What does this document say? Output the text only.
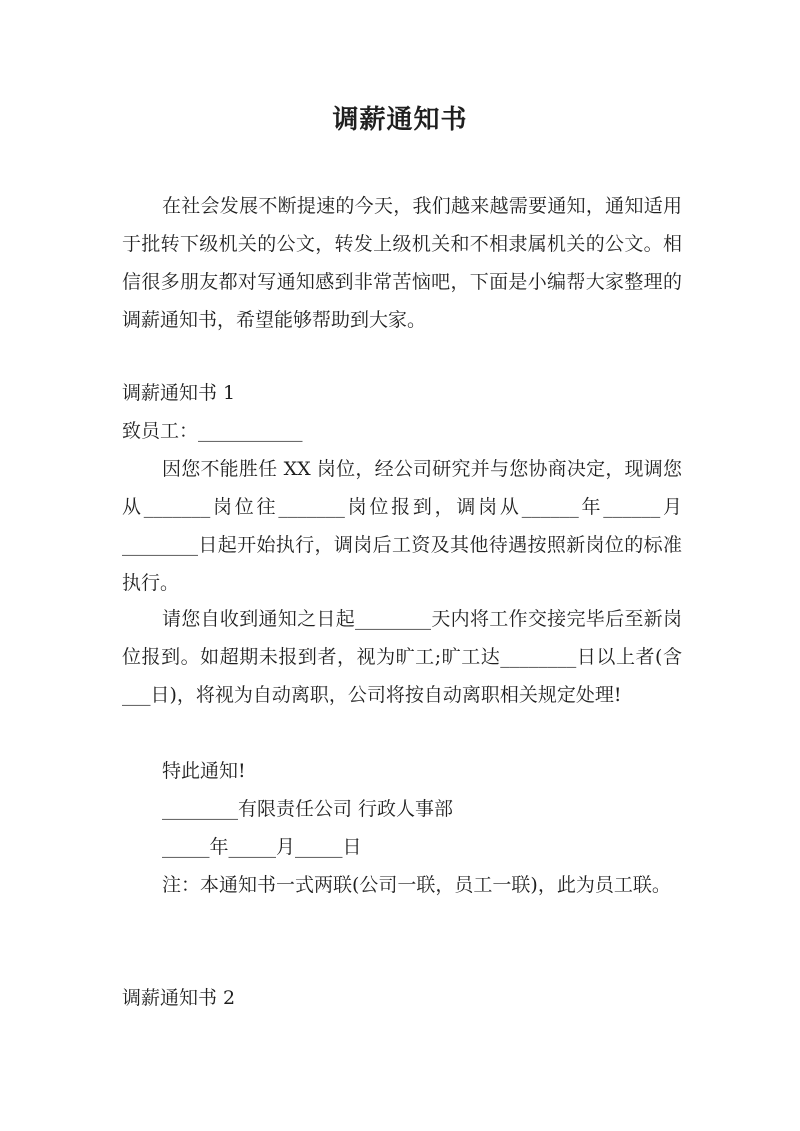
调薪通知书

在社会发展不断提速的今天，我们越来越需要通知，通知适用于批转下级机关的公文，转发上级机关和不相隶属机关的公文。相信很多朋友都对写通知感到非常苦恼吧，下面是小编帮大家整理的调薪通知书，希望能够帮助到大家。

调薪通知书 1

致员工：___________

因您不能胜任 XX 岗位，经公司研究并与您协商决定，现调您从_______岗位往_______岗位报到，调岗从______年______月________日起开始执行，调岗后工资及其他待遇按照新岗位的标准执行。

请您自收到通知之日起________天内将工作交接完毕后至新岗位报到。如超期未报到者，视为旷工;旷工达________日以上者(含___日)，将视为自动离职，公司将按自动离职相关规定处理!

特此通知!

________有限责任公司 行政人事部

_____年_____月_____日

注：本通知书一式两联(公司一联，员工一联)，此为员工联。

调薪通知书 2
